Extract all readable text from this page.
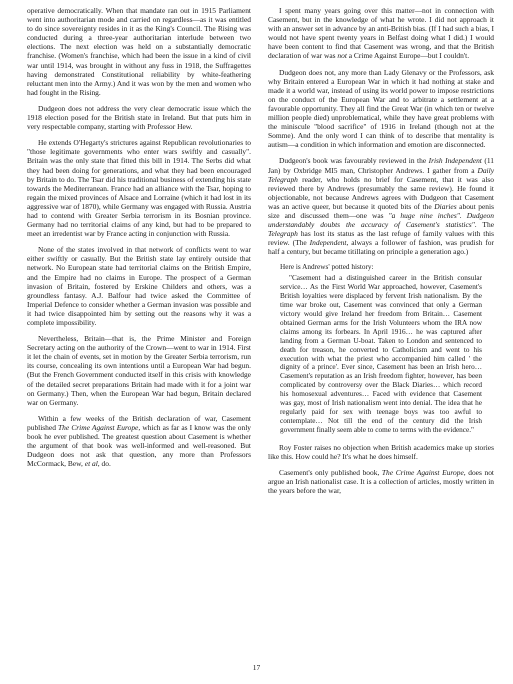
operative democratically. When that mandate ran out in 1915 Parliament went into authoritarian mode and carried on regardless—as it was entitled to do since sovereignty resides in it as the King's Council. The Rising was conducted during a three-year authoritarian interlude between two elections. The next election was held on a substantially democratic franchise. (Women's franchise, which had been the issue in a kind of civil war until 1914, was brought in without any fuss in 1918, the Suffragettes having demonstrated Constitutional reliability by white-feathering reluctant men into the Army.) And it was won by the men and women who had fought in the Rising.

Dudgeon does not address the very clear democratic issue which the 1918 election posed for the British state in Ireland. But that puts him in very respectable company, starting with Professor Hew.

He extends O'Hegarty's strictures against Republican revolutionaries to "those legitimate governments who enter wars swiftly and casually". Britain was the only state that fitted this bill in 1914. The Serbs did what they had been doing for generations, and what they had been encouraged by Britain to do. The Tsar did his traditional business of extending his state towards the Mediterranean. France had an alliance with the Tsar, hoping to regain the mixed provinces of Alsace and Lorraine (which it had lost in its aggressive war of 1870), while Germany was engaged with Russia. Austria had to contend with Greater Serbia terrorism in its Bosnian province. Germany had no territorial claims of any kind, but had to be prepared to meet an irredentist war by France acting in conjunction with Russia.

None of the states involved in that network of conflicts went to war either swiftly or casually. But the British state lay entirely outside that network. No European state had territorial claims on the British Empire, and the Empire had no claims in Europe. The prospect of a German invasion of Britain, fostered by Erskine Childers and others, was a groundless fantasy. A.J. Balfour had twice asked the Committee of Imperial Defence to consider whether a German invasion was possible and it had twice disappointed him by setting out the reasons why it was a complete impossibility.

Nevertheless, Britain—that is, the Prime Minister and Foreign Secretary acting on the authority of the Crown—went to war in 1914. First it let the chain of events, set in motion by the Greater Serbia terrorism, run its course, concealing its own intentions until a European War had begun. (But the French Government conducted itself in this crisis with knowledge of the detailed secret preparations Britain had made with it for a joint war on Germany.) Then, when the European War had begun, Britain declared war on Germany.

Within a few weeks of the British declaration of war, Casement published The Crime Against Europe, which as far as I know was the only book he ever published. The greatest question about Casement is whether the argument of that book was well-informed and well-reasoned. But Dudgeon does not ask that question, any more than Professors McCormack, Bew, et al, do.

I spent many years going over this matter—not in connection with Casement, but in the knowledge of what he wrote. I did not approach it with an answer set in advance by an anti-British bias. (If I had such a bias, I would not have spent twenty years in Belfast doing what I did.) I would have been content to find that Casement was wrong, and that the British declaration of war was not a Crime Against Europe—but I couldn't.

Dudgeon does not, any more than Lady Glenavy or the Professors, ask why Britain entered a European War in which it had nothing at stake and made it a world war, instead of using its world power to impose restrictions on the conduct of the European War and to arbitrate a settlement at a favourable opportunity. They all find the Great War (in which ten or twelve million people died) unproblematical, while they have great problems with the miniscule "blood sacrifice" of 1916 in Ireland (though not at the Somme). And the only word I can think of to describe that mentality is autism—a condition in which information and emotion are disconnected.

Dudgeon's book was favourably reviewed in the Irish Independent (11 Jan) by Oxbridge MI5 man, Christopher Andrews. I gather from a Daily Telegraph reader, who holds no brief for Casement, that it was also reviewed there by Andrews (presumably the same review). He found it objectionable, not because Andrews agrees with Dudgeon that Casement was an active queer, but because it quoted bits of the Diaries about penis size and discussed them—one was "a huge nine inches". Dudgeon understandably doubts the accuracy of Casement's statistics". The Telegraph has lost its status as the last refuge of family values with this review. (The Independent, always a follower of fashion, was prudish for half a century, but became titillating on principle a generation ago.)

Here is Andrews' potted history:

"Casement had a distinguished career in the British consular service… As the First World War approached, however, Casement's British loyalties were displaced by fervent Irish nationalism. By the time war broke out, Casement was convinced that only a German victory would give Ireland her freedom from Britain… Casement obtained German arms for the Irish Volunteers whom the IRA now claims among its forbears. In April 1916… he was captured after landing from a German U-boat. Taken to London and sentenced to death for treason, he converted to Catholicism and went to his execution with what the priest who accompanied him called ' the dignity of a prince'. Ever since, Casement has been an Irish hero… Casement's reputation as an Irish freedom fighter, however, has been complicated by controversy over the Black Diaries… which record his homosexual adventures… Faced with evidence that Casement was gay, most of Irish nationalism went into denial. The idea that he regularly paid for sex with teenage boys was too awful to contemplate… Not till the end of the century did the Irish government finally seem able to come to terms with the evidence."

Roy Foster raises no objection when British academics make up stories like this. How could he? It's what he does himself.

Casement's only published book, The Crime Against Europe, does not argue an Irish nationalist case. It is a collection of articles, mostly written in the years before the war,

17
